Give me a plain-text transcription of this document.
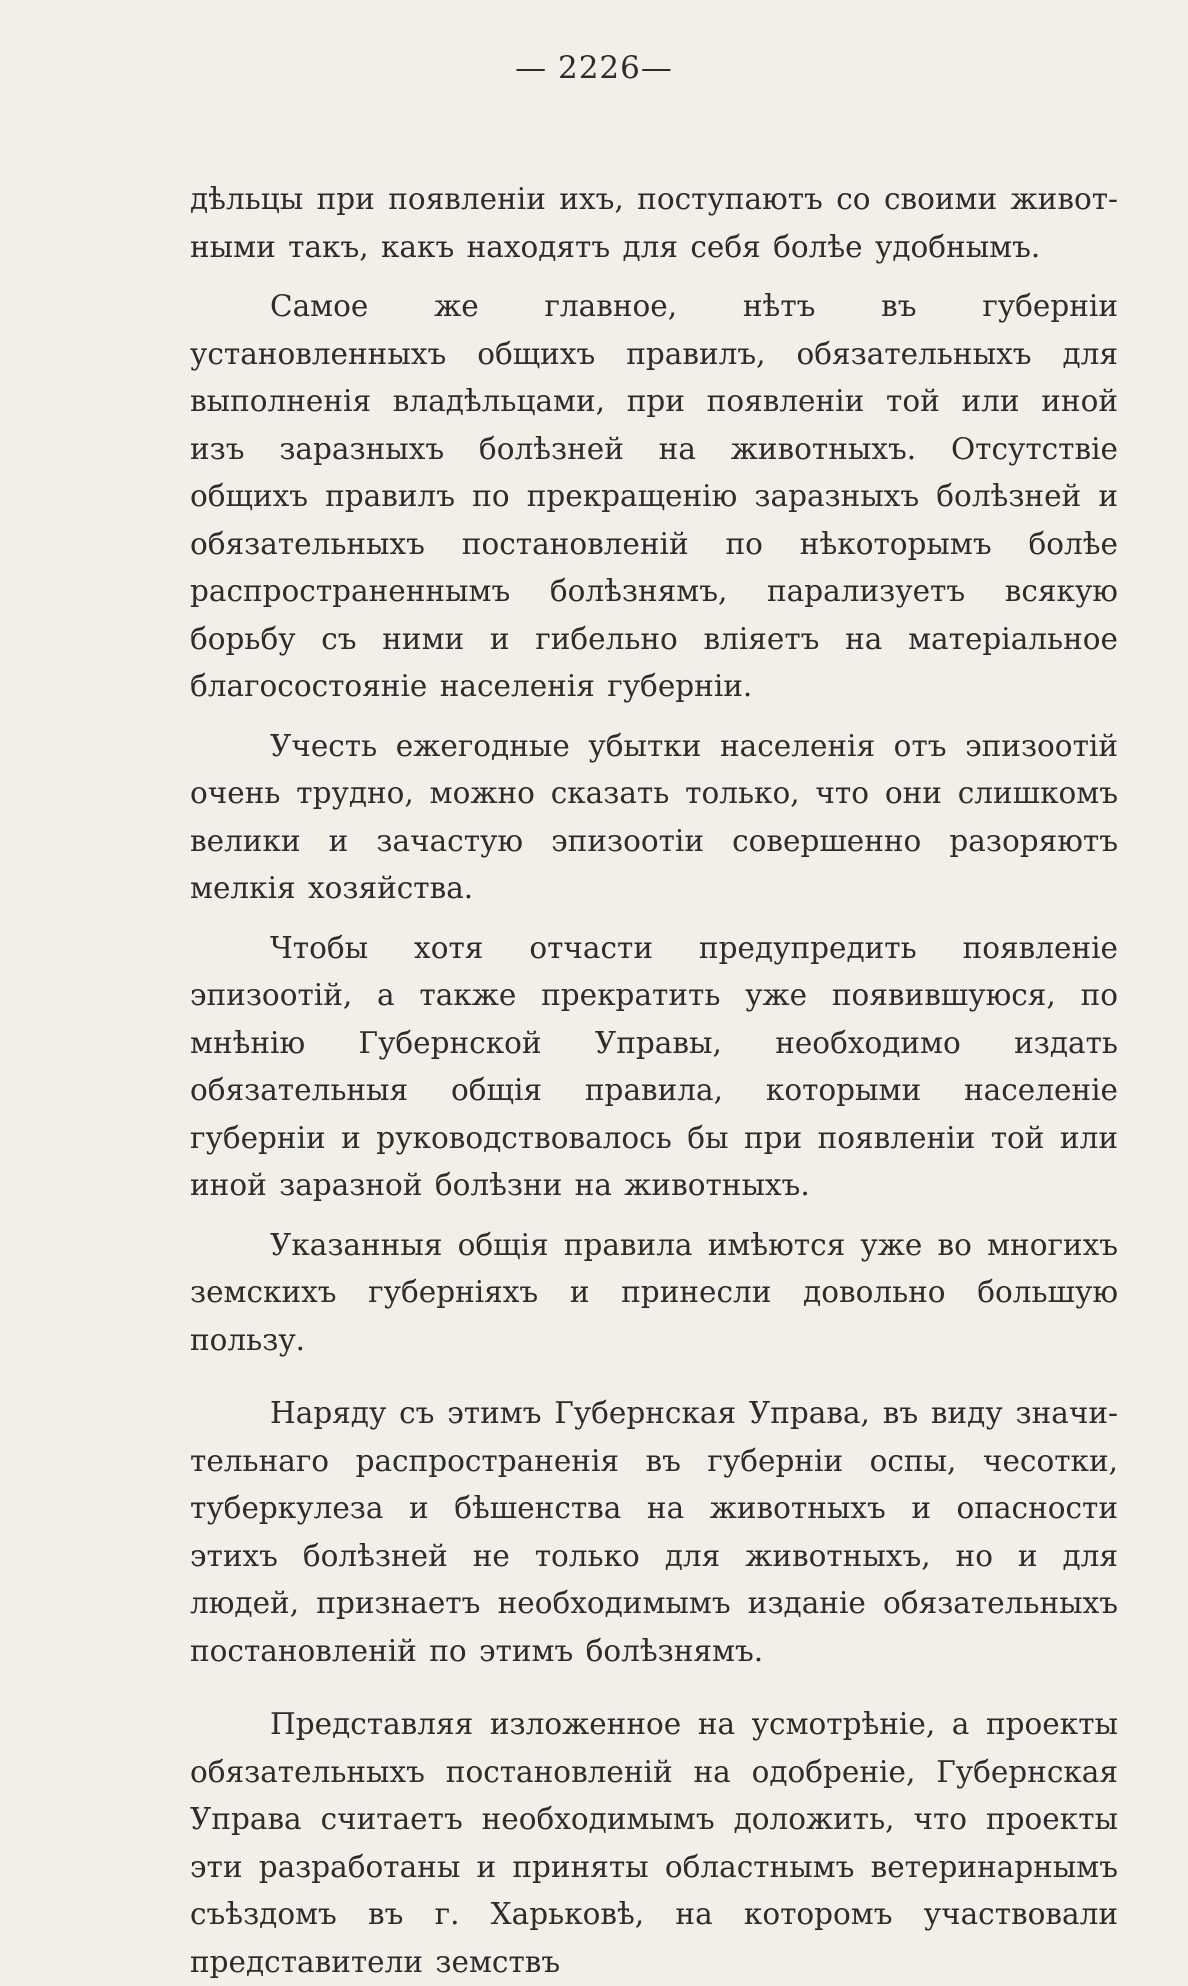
— 2226—

дѣльцы при появленіи ихъ, поступаютъ со своими животными такъ, какъ находятъ для себя болѣе удобнымъ.

Самое же главное, нѣтъ въ губерніи установленныхъ общихъ правилъ, обязательныхъ для выполненія владѣльцами, при появленіи той или иной изъ заразныхъ болѣзней на животныхъ. Отсутствіе общихъ правилъ по прекращенію заразныхъ болѣзней и обязательныхъ постановленій по нѣкоторымъ болѣе распространеннымъ болѣзнямъ, парализуетъ всякую борьбу съ ними и гибельно вліяетъ на матеріальное благосостояніе населенія губерніи.

Учесть ежегодные убытки населенія отъ эпизоотій очень трудно, можно сказать только, что они слишкомъ велики и зачастую эпизоотіи совершенно разоряютъ мелкія хозяйства.

Чтобы хотя отчасти предупредить появленіе эпизоотій, а также прекратить уже появившуюся, по мнѣнію Губернской Управы, необходимо издать обязательныя общія правила, которыми населеніе губерніи и руководствовалось бы при появленіи той или иной заразной болѣзни на животныхъ.

Указанныя общія правила имѣются уже во многихъ земскихъ губерніяхъ и принесли довольно большую пользу.

Наряду съ этимъ Губернская Управа, въ виду значительнаго распространенія въ губерніи оспы, чесотки, туберкулеза и бѣшенства на животныхъ и опасности этихъ болѣзней не только для животныхъ, но и для людей, признаетъ необходимымъ изданіе обязательныхъ постановленій по этимъ болѣзнямъ.

Представляя изложенное на усмотрѣніе, а проекты обязательныхъ постановленій на одобреніе, Губернская Управа считаетъ необходимымъ доложить, что проекты эти разработаны и приняты областнымъ ветеринарнымъ съѣздомъ въ г. Харьковѣ, на которомъ участвовали представители земствъ
